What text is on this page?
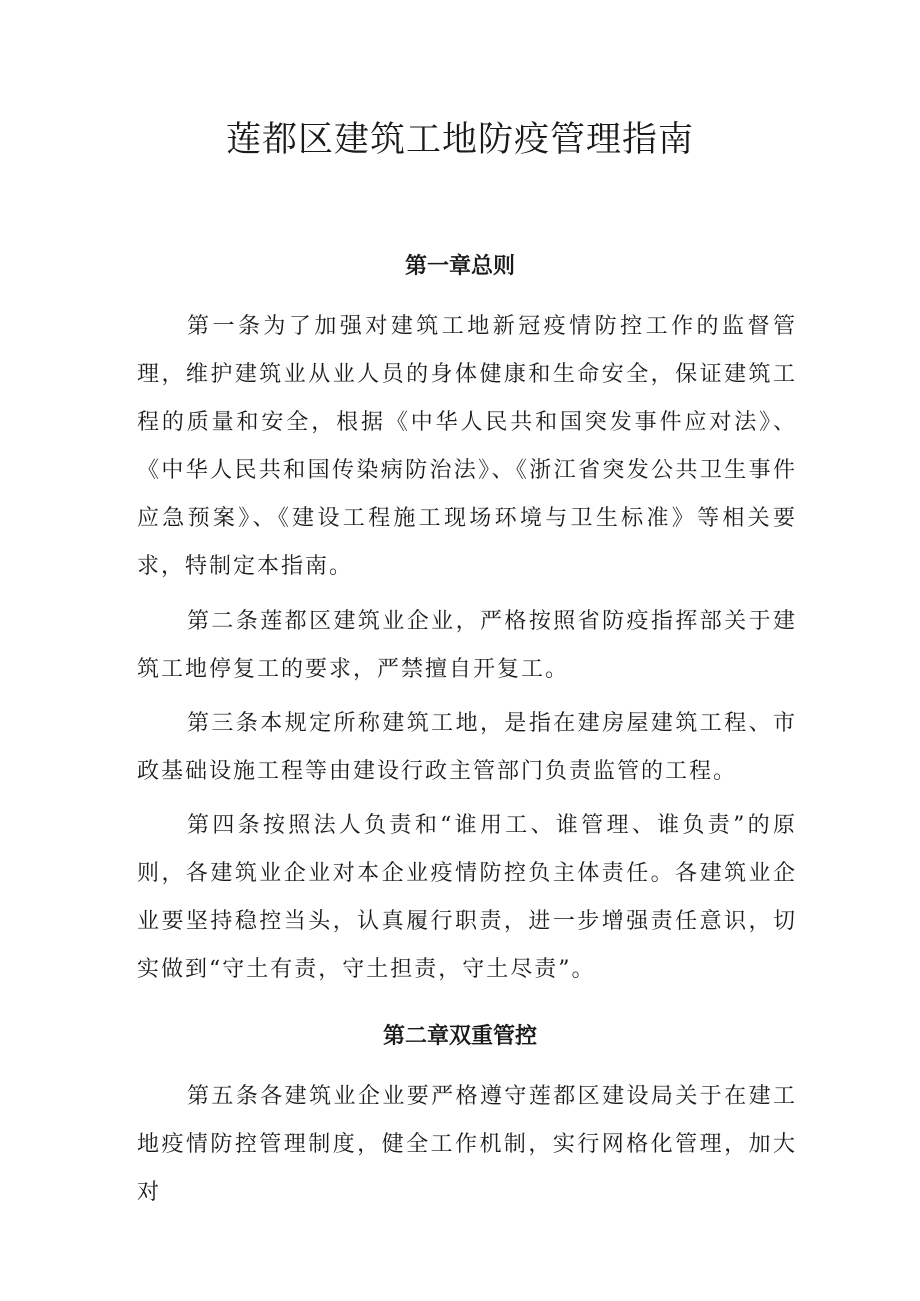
莲都区建筑工地防疫管理指南
第一章总则

第一条为了加强对建筑工地新冠疫情防控工作的监督管理，维护建筑业从业人员的身体健康和生命安全，保证建筑工程的质量和安全，根据《中华人民共和国突发事件应对法》、《中华人民共和国传染病防治法》、《浙江省突发公共卫生事件应急预案》、《建设工程施工现场环境与卫生标准》等相关要求，特制定本指南。

第二条莲都区建筑业企业，严格按照省防疫指挥部关于建筑工地停复工的要求，严禁擅自开复工。

第三条本规定所称建筑工地，是指在建房屋建筑工程、市政基础设施工程等由建设行政主管部门负责监管的工程。

第四条按照法人负责和“谁用工、谁管理、谁负责”的原则，各建筑业企业对本企业疫情防控负主体责任。各建筑业企业要坚持稳控当头，认真履行职责，进一步增强责任意识，切实做到“守土有责，守土担责，守土尽责”。

第二章双重管控

第五条各建筑业企业要严格遵守莲都区建设局关于在建工地疫情防控管理制度，健全工作机制，实行网格化管理，加大对
